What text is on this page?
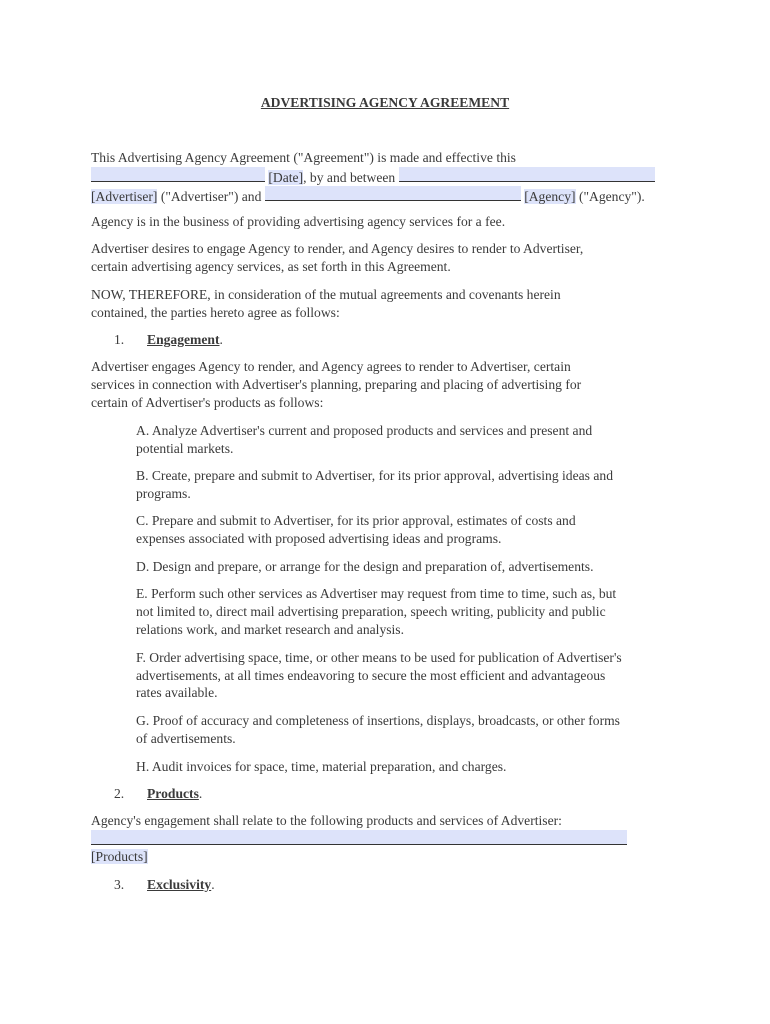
ADVERTISING AGENCY AGREEMENT
This Advertising Agency Agreement ("Agreement") is made and effective this
[Date], by and between
[Advertiser] ("Advertiser") and	[Agency] ("Agency").
Agency is in the business of providing advertising agency services for a fee.
Advertiser desires to engage Agency to render, and Agency desires to render to Advertiser,
certain advertising agency services, as set forth in this Agreement.
NOW, THEREFORE, in consideration of the mutual agreements and covenants herein
contained, the parties hereto agree as follows:
1. Engagement.
Advertiser engages Agency to render, and Agency agrees to render to Advertiser, certain
services in connection with Advertiser's planning, preparing and placing of advertising for
certain of Advertiser's products as follows:
A. Analyze Advertiser's current and proposed products and services and present and
potential markets.
B. Create, prepare and submit to Advertiser, for its prior approval, advertising ideas and
programs.
C. Prepare and submit to Advertiser, for its prior approval, estimates of costs and
expenses associated with proposed advertising ideas and programs.
D. Design and prepare, or arrange for the design and preparation of, advertisements.
E. Perform such other services as Advertiser may request from time to time, such as, but
not limited to, direct mail advertising preparation, speech writing, publicity and public
relations work, and market research and analysis.
F. Order advertising space, time, or other means to be used for publication of Advertiser's
advertisements, at all times endeavoring to secure the most efficient and advantageous
rates available.
G. Proof of accuracy and completeness of insertions, displays, broadcasts, or other forms
of advertisements.
H. Audit invoices for space, time, material preparation, and charges.
2. Products.
Agency's engagement shall relate to the following products and services of Advertiser:
[Products]
3. Exclusivity.
